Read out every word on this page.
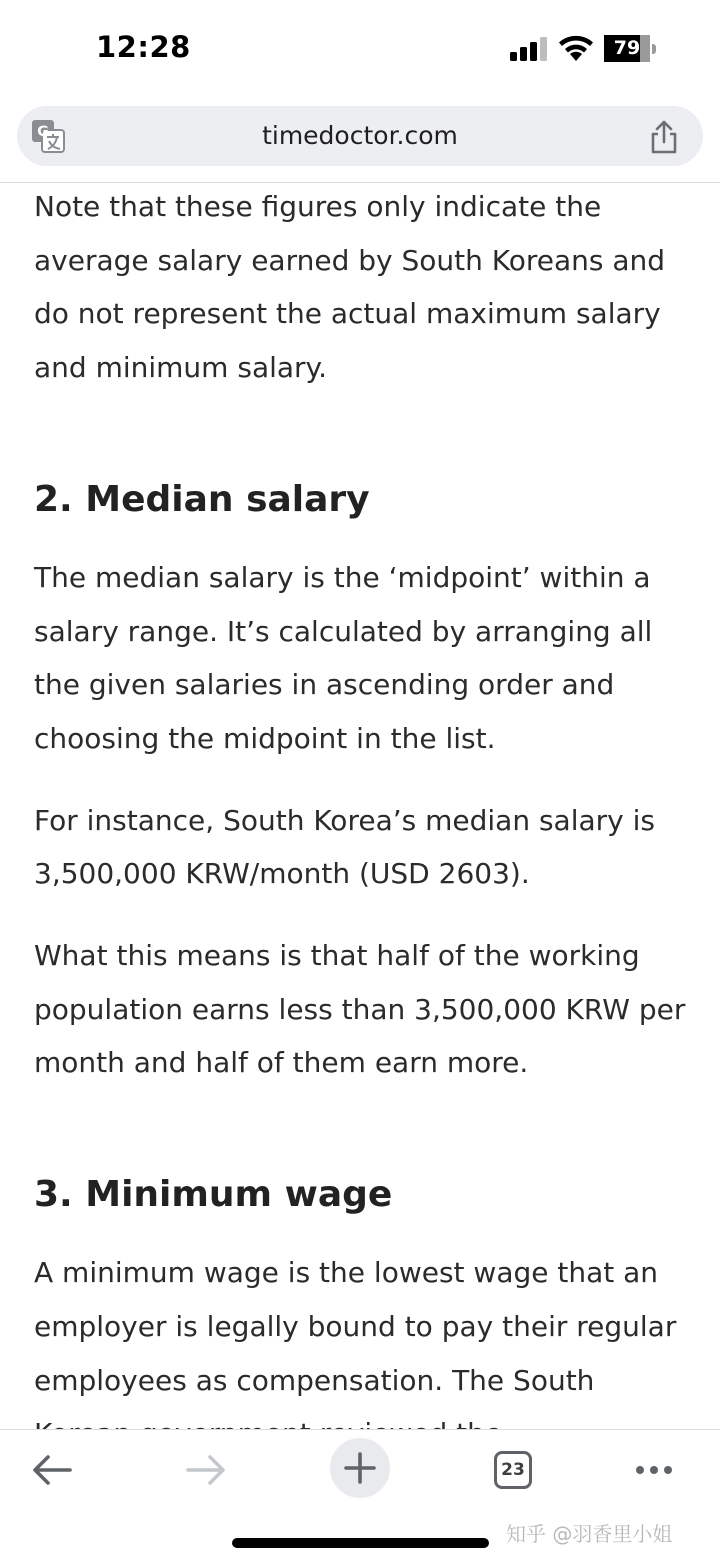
12:28	79
timedoctor.com
G

Note that these figures only indicate the average salary earned by South Koreans and do not represent the actual maximum salary and minimum salary.

2. Median salary

The median salary is the ‘midpoint’ within a salary range. It’s calculated by arranging all the given salaries in ascending order and choosing the midpoint in the list.

For instance, South Korea’s median salary is 3,500,000 KRW/month (USD 2603).

What this means is that half of the working population earns less than 3,500,000 KRW per month and half of them earn more.

3. Minimum wage

A minimum wage is the lowest wage that an employer is legally bound to pay their regular employees as compensation. The South

23
知乎 @羽香里小姐
